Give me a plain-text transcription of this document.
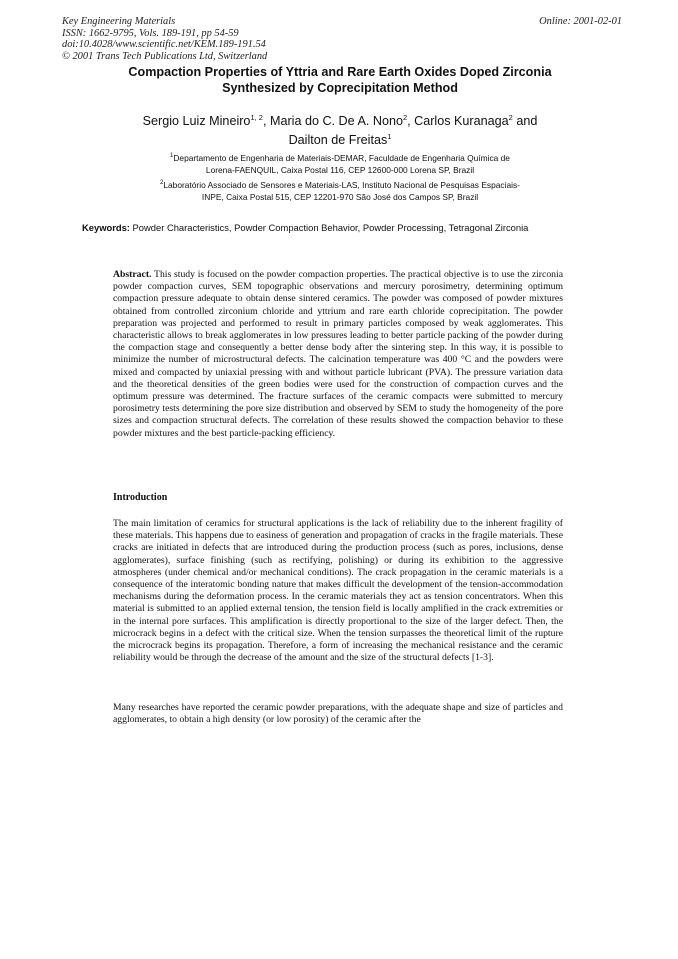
Key Engineering Materials	Online: 2001-02-01
ISSN: 1662-9795, Vols. 189-191, pp 54-59
doi:10.4028/www.scientific.net/KEM.189-191.54
© 2001 Trans Tech Publications Ltd, Switzerland
Compaction Properties of Yttria and Rare Earth Oxides Doped Zirconia
Synthesized by Coprecipitation Method
Sergio Luiz Mineiro$^{1, 2}$, Maria do C. De A. Nono$^2$, Carlos Kuranaga$^2$ and
Dailton de Freitas$^1$
$^1$Departamento de Engenharia de Materiais-DEMAR, Faculdade de Engenharia Química de
Lorena-FAENQUIL, Caixa Postal 116, CEP 12600-000 Lorena SP, Brazil
$^2$Laboratório Associado de Sensores e Materiais-LAS, Instituto Nacional de Pesquisas Espaciais-
INPE, Caixa Postal 515, CEP 12201-970 São José dos Campos SP, Brazil
Keywords: Powder Characteristics, Powder Compaction Behavior, Powder Processing, Tetragonal Zirconia
Abstract. This study is focused on the powder compaction properties. The practical objective is to use the zirconia powder compaction curves, SEM topographic observations and mercury porosimetry, determining optimum compaction pressure adequate to obtain dense sintered ceramics. The powder was composed of powder mixtures obtained from controlled zirconium chloride and yttrium and rare earth chloride coprecipitation. The powder preparation was projected and performed to result in primary particles composed by weak agglomerates. This characteristic allows to break agglomerates in low pressures leading to better particle packing of the powder during the compaction stage and consequently a better dense body after the sintering step. In this way, it is possible to minimize the number of microstructural defects. The calcination temperature was 400 °C and the powders were mixed and compacted by uniaxial pressing with and without particle lubricant (PVA). The pressure variation data and the theoretical densities of the green bodies were used for the construction of compaction curves and the optimum pressure was determined. The fracture surfaces of the ceramic compacts were submitted to mercury porosimetry tests determining the pore size distribution and observed by SEM to study the homogeneity of the pore sizes and compaction structural defects. The correlation of these results showed the compaction behavior to these powder mixtures and the best particle-packing efficiency.
Introduction
The main limitation of ceramics for structural applications is the lack of reliability due to the inherent fragility of these materials. This happens due to easiness of generation and propagation of cracks in the fragile materials. These cracks are initiated in defects that are introduced during the production process (such as pores, inclusions, dense agglomerates), surface finishing (such as rectifying, polishing) or during its exhibition to the aggressive atmospheres (under chemical and/or mechanical conditions). The crack propagation in the ceramic materials is a consequence of the interatomic bonding nature that makes difficult the development of the tension-accommodation mechanisms during the deformation process. In the ceramic materials they act as tension concentrators. When this material is submitted to an applied external tension, the tension field is locally amplified in the crack extremities or in the internal pore surfaces. This amplification is directly proportional to the size of the larger defect. Then, the microcrack begins in a defect with the critical size. When the tension surpasses the theoretical limit of the rupture the microcrack begins its propagation. Therefore, a form of increasing the mechanical resistance and the ceramic reliability would be through the decrease of the amount and the size of the structural defects [1-3].
Many researches have reported the ceramic powder preparations, with the adequate shape and size of particles and agglomerates, to obtain a high density (or low porosity) of the ceramic after the
